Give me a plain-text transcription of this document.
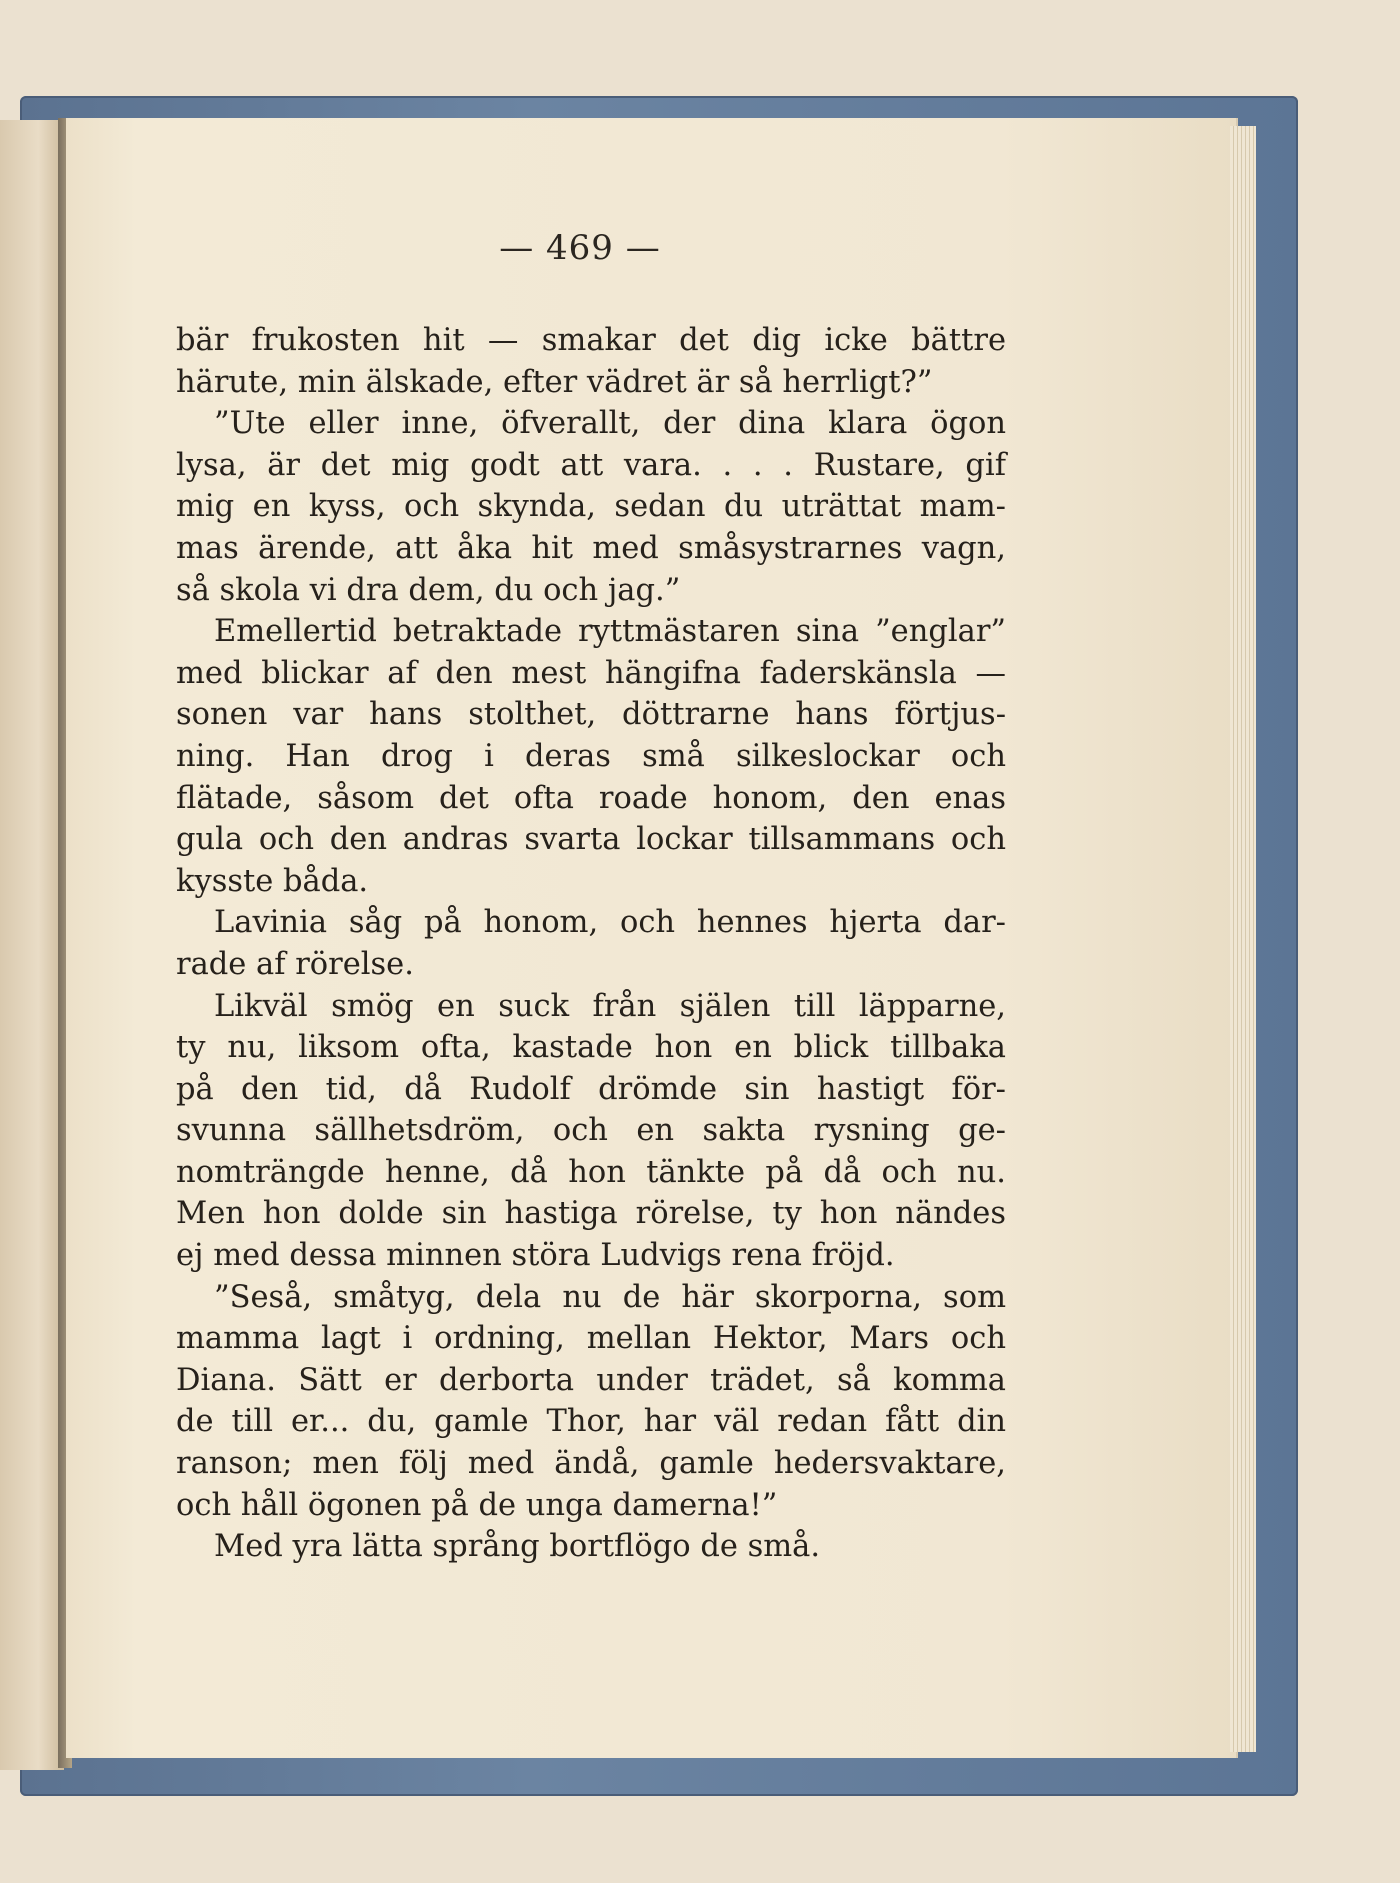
— 469 —
bär frukosten hit — smakar det dig icke bättre
härute, min älskade, efter vädret är så herrligt?”
”Ute eller inne, öfverallt, der dina klara ögon
lysa, är det mig godt att vara. . . . Rustare, gif
mig en kyss, och skynda, sedan du uträttat mam-
mas ärende, att åka hit med småsystrarnes vagn,
så skola vi dra dem, du och jag.”
Emellertid betraktade ryttmästaren sina ”englar”
med blickar af den mest hängifna faderskänsla —
sonen var hans stolthet, döttrarne hans förtjus-
ning. Han drog i deras små silkeslockar och
flätade, såsom det ofta roade honom, den enas
gula och den andras svarta lockar tillsammans och
kysste båda.
Lavinia såg på honom, och hennes hjerta dar-
rade af rörelse.
Likväl smög en suck från själen till läpparne,
ty nu, liksom ofta, kastade hon en blick tillbaka
på den tid, då Rudolf drömde sin hastigt för-
svunna sällhetsdröm, och en sakta rysning ge-
nomträngde henne, då hon tänkte på då och nu.
Men hon dolde sin hastiga rörelse, ty hon nändes
ej med dessa minnen störa Ludvigs rena fröjd.
”Seså, småtyg, dela nu de här skorporna, som
mamma lagt i ordning, mellan Hektor, Mars och
Diana. Sätt er derborta under trädet, så komma
de till er... du, gamle Thor, har väl redan fått din
ranson; men följ med ändå, gamle hedersvaktare,
och håll ögonen på de unga damerna!”
Med yra lätta språng bortflögo de små.
